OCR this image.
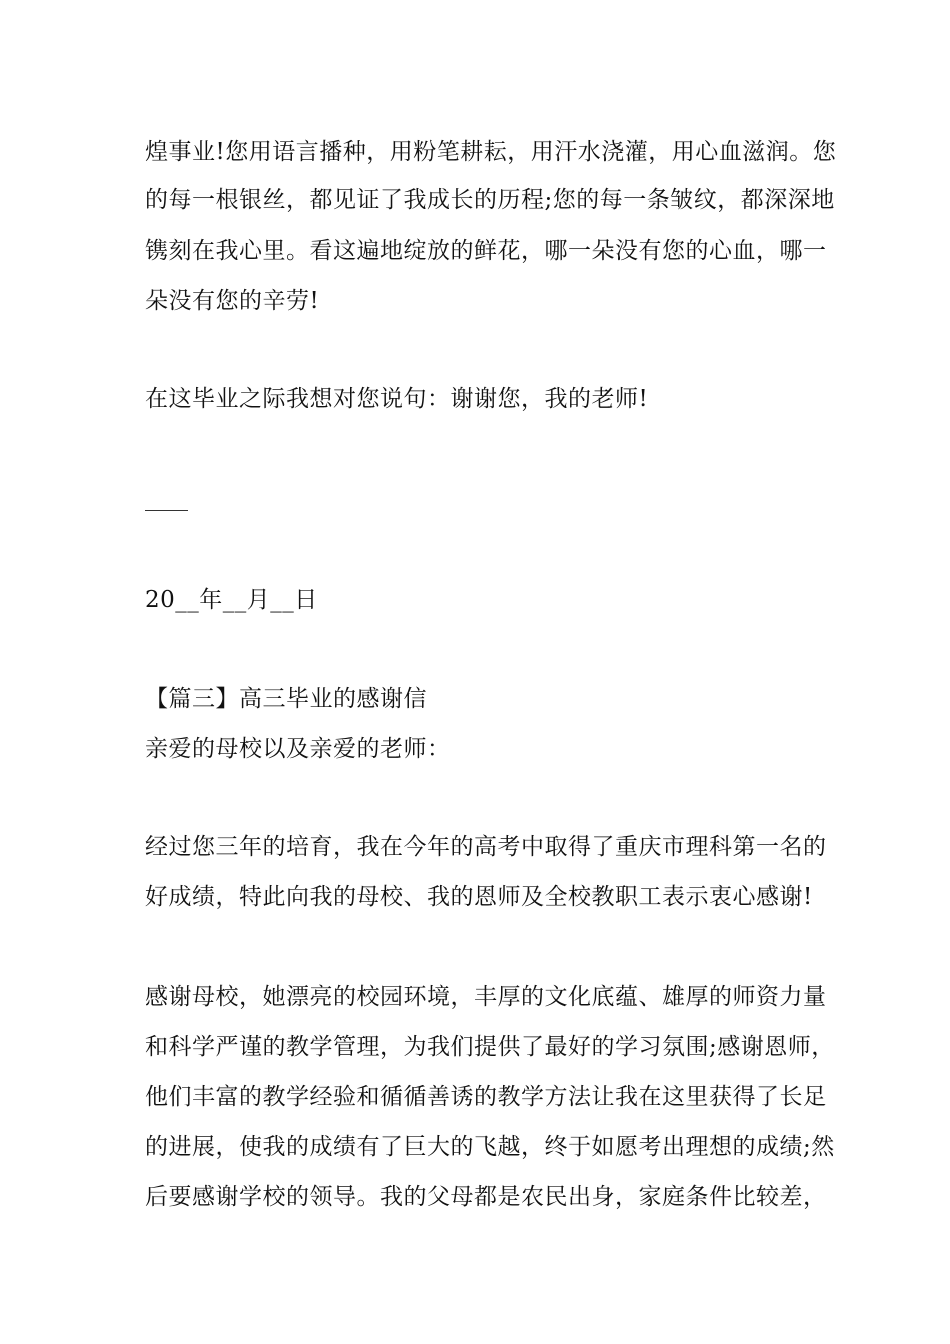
煌事业!您用语言播种，用粉笔耕耘，用汗水浇灌，用心血滋润。您
的每一根银丝，都见证了我成长的历程;您的每一条皱纹，都深深地
镌刻在我心里。看这遍地绽放的鲜花，哪一朵没有您的心血，哪一
朵没有您的辛劳!
在这毕业之际我想对您说句：谢谢您，我的老师!
20__年__月__日
【篇三】高三毕业的感谢信
亲爱的母校以及亲爱的老师：
经过您三年的培育，我在今年的高考中取得了重庆市理科第一名的
好成绩，特此向我的母校、我的恩师及全校教职工表示衷心感谢!
感谢母校，她漂亮的校园环境，丰厚的文化底蕴、雄厚的师资力量
和科学严谨的教学管理，为我们提供了最好的学习氛围;感谢恩师，
他们丰富的教学经验和循循善诱的教学方法让我在这里获得了长足
的进展，使我的成绩有了巨大的飞越，终于如愿考出理想的成绩;然
后要感谢学校的领导。我的父母都是农民出身，家庭条件比较差，
